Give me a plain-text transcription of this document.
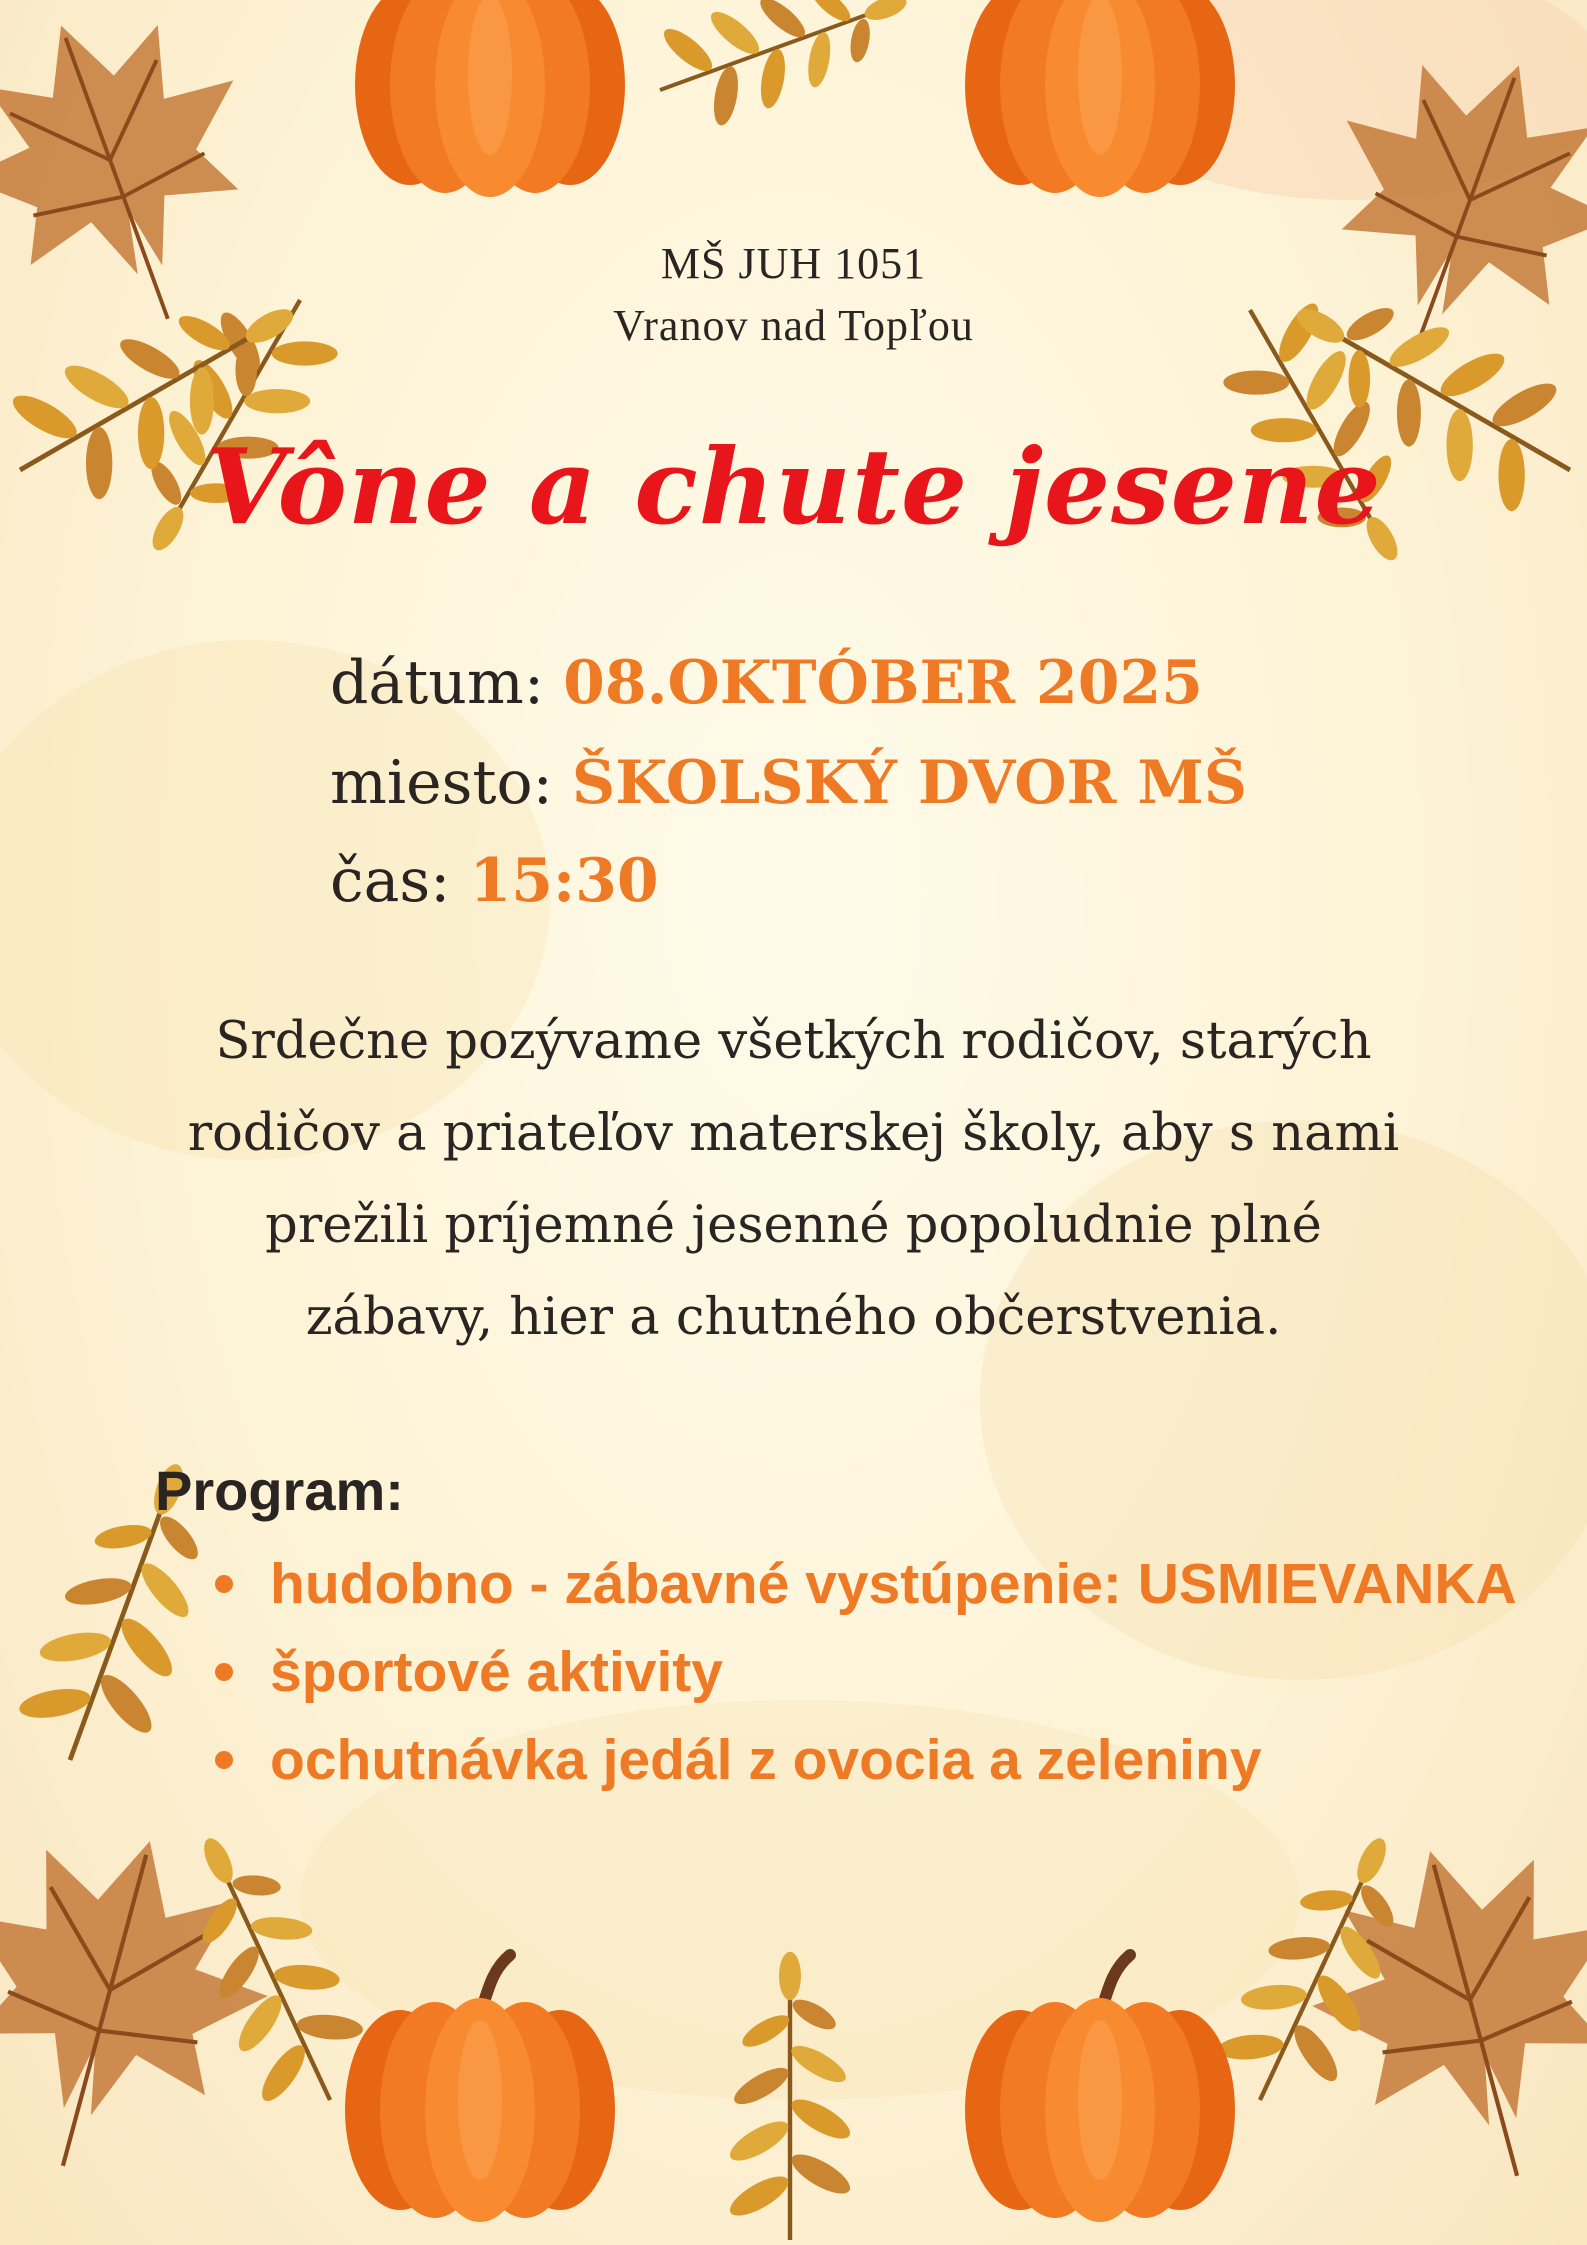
MŠ JUH 1051
Vranov nad Topľou
Vône a chute jesene
dátum: 08.OKTÓBER 2025
miesto: ŠKOLSKÝ DVOR MŠ
čas: 15:30
Srdečne pozývame všetkých rodičov, starých
rodičov a priateľov materskej školy, aby s nami
prežili príjemné jesenné popoludnie plné
zábavy, hier a chutného občerstvenia.
Program:
hudobno - zábavné vystúpenie: USMIEVANKA
športové aktivity
ochutnávka jedál z ovocia a zeleniny
